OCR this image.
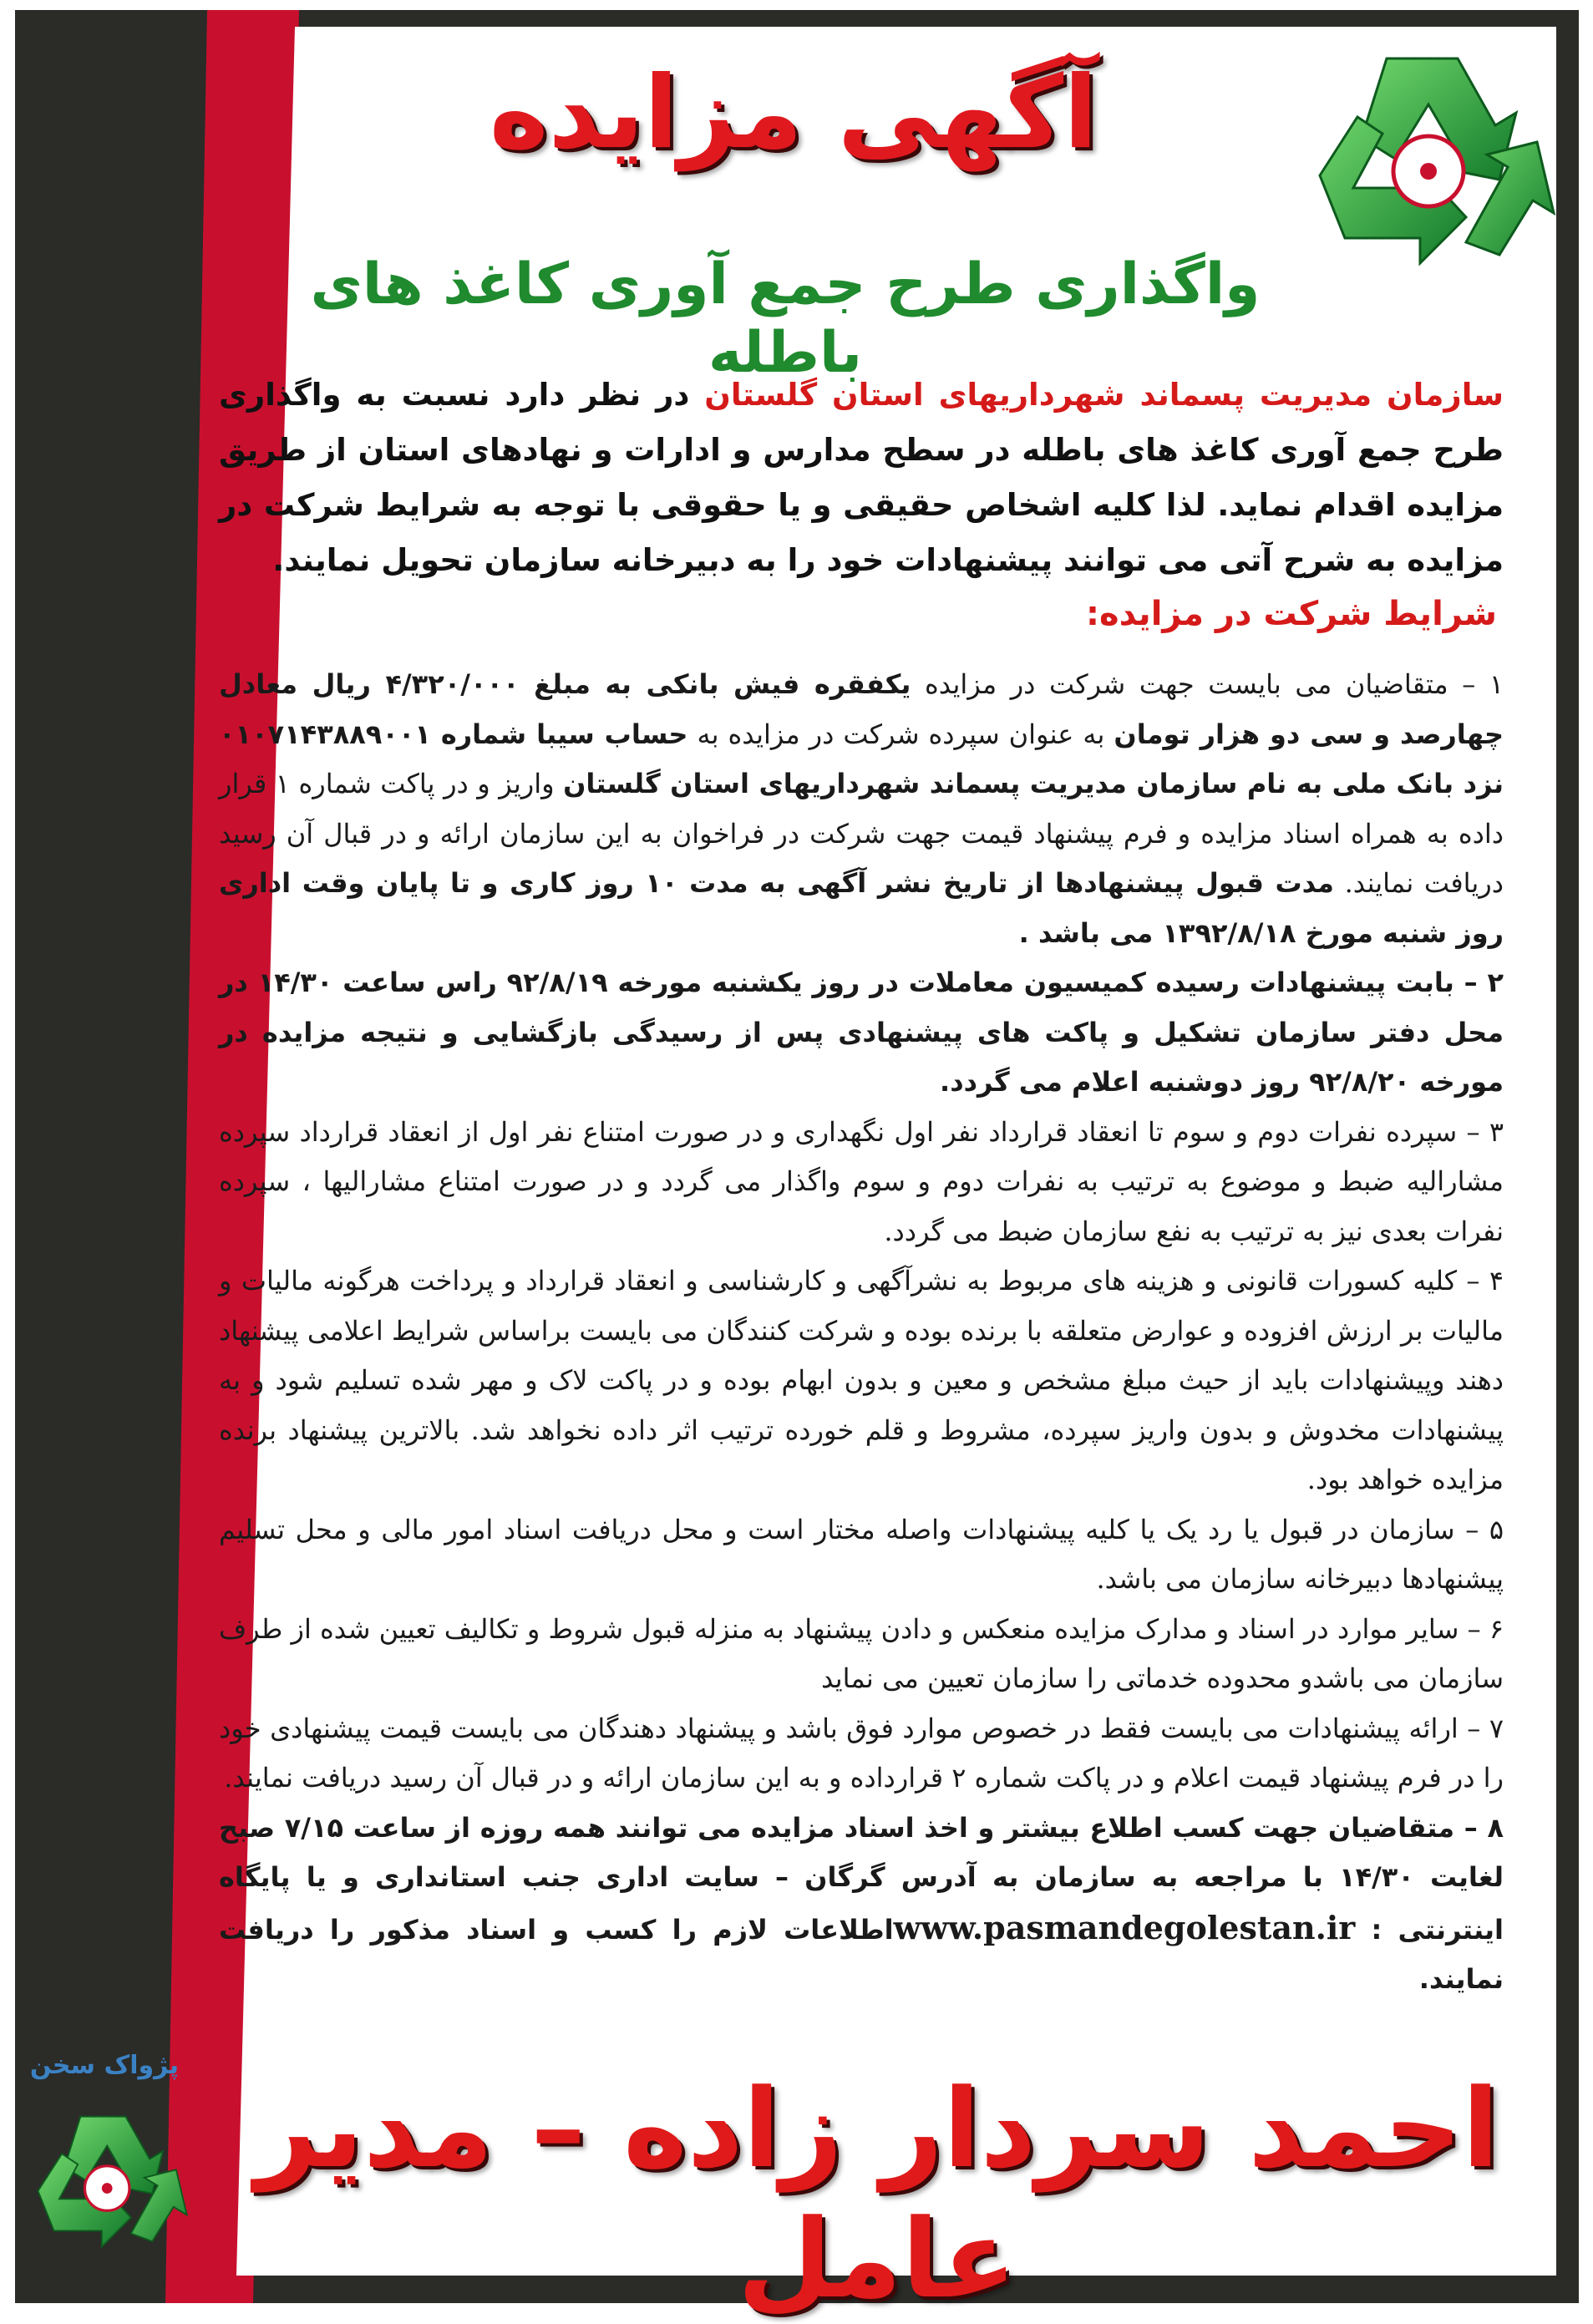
آگهی مزایده
واگذاری طرح جمع آوری کاغذ های باطله
سازمان مدیریت پسماند شهرداریهای استان گلستان در نظر دارد نسبت به واگذاری طرح جمع آوری کاغذ های باطله در سطح مدارس و ادارات و نهادهای استان از طریق مزایده اقدام نماید. لذا کلیه اشخاص حقیقی و یا حقوقی با توجه به شرایط شرکت در مزایده به شرح آتی می توانند پیشنهادات خود را به دبیرخانه سازمان تحویل نمایند.
شرایط شرکت در مزایده:

۱ – متقاضیان می بایست جهت شرکت در مزایده یکفقره فیش بانکی به مبلغ ۴/۳۲۰/۰۰۰ ریال معادل چهارصد و سی دو هزار تومان به عنوان سپرده شرکت در مزایده به حساب سیبا شماره ۰۱۰۷۱۴۳۸۸۹۰۰۱ نزد بانک ملی به نام سازمان مدیریت پسماند شهرداریهای استان گلستان واریز و در پاکت شماره ۱ قرار داده به همراه اسناد مزایده و فرم پیشنهاد قیمت جهت شرکت در فراخوان به این سازمان ارائه و در قبال آن رسید دریافت نمایند. مدت قبول پیشنهادها از تاریخ نشر آگهی به مدت ۱۰ روز کاری و تا پایان وقت اداری روز شنبه مورخ ۱۳۹۲/۸/۱۸ می باشد .

۲ – بابت پیشنهادات رسیده کمیسیون معاملات در روز یکشنبه مورخه ۹۲/۸/۱۹ راس ساعت ۱۴/۳۰ در محل دفتر سازمان تشکیل و پاکت های پیشنهادی پس از رسیدگی بازگشایی و نتیجه مزایده در مورخه ۹۲/۸/۲۰ روز دوشنبه اعلام می گردد.

۳ – سپرده نفرات دوم و سوم تا انعقاد قرارداد نفر اول نگهداری و در صورت امتناع نفر اول از انعقاد قرارداد سپرده مشارالیه ضبط و موضوع به ترتیب به نفرات دوم و سوم واگذار می گردد و در صورت امتناع مشارالیها ، سپرده نفرات بعدی نیز به ترتیب به نفع سازمان ضبط می گردد.

۴ – کلیه کسورات قانونی و هزینه های مربوط به نشرآگهی و کارشناسی و انعقاد قرارداد و پرداخت هرگونه مالیات و مالیات بر ارزش افزوده و عوارض متعلقه با برنده بوده و شرکت کنندگان می بایست براساس شرایط اعلامی پیشنهاد دهند وپیشنهادات باید از حیث مبلغ مشخص و معین و بدون ابهام بوده و در پاکت لاک و مهر شده تسلیم شود و به پیشنهادات مخدوش و بدون واریز سپرده، مشروط و قلم خورده ترتیب اثر داده نخواهد شد. بالاترین پیشنهاد برنده مزایده خواهد بود.

۵ – سازمان در قبول یا رد یک یا کلیه پیشنهادات واصله مختار است و محل دریافت اسناد امور مالی و محل تسلیم پیشنهادها دبیرخانه سازمان می باشد.

۶ – سایر موارد در اسناد و مدارک مزایده منعکس و دادن پیشنهاد به منزله قبول شروط و تکالیف تعیین شده از طرف سازمان می باشدو محدوده خدماتی را سازمان تعیین می نماید

۷ – ارائه پیشنهادات می بایست فقط در خصوص موارد فوق باشد و پیشنهاد دهندگان می بایست قیمت پیشنهادی خود را در فرم پیشنهاد قیمت اعلام و در پاکت شماره ۲ قرارداده و به این سازمان ارائه و در قبال آن رسید دریافت نمایند.

۸ – متقاضیان جهت کسب اطلاع بیشتر و اخذ اسناد مزایده می توانند همه روزه از ساعت ۷/۱۵ صبح لغایت ۱۴/۳۰ با مراجعه به سازمان به آدرس گرگان – سایت اداری جنب استانداری و یا پایگاه اینترنتی : www.pasmandegolestan.irاطلاعات لازم را کسب و اسناد مذکور را دریافت نمایند.

پژواک سخن احمد سردار زاده – مدیر عامل
